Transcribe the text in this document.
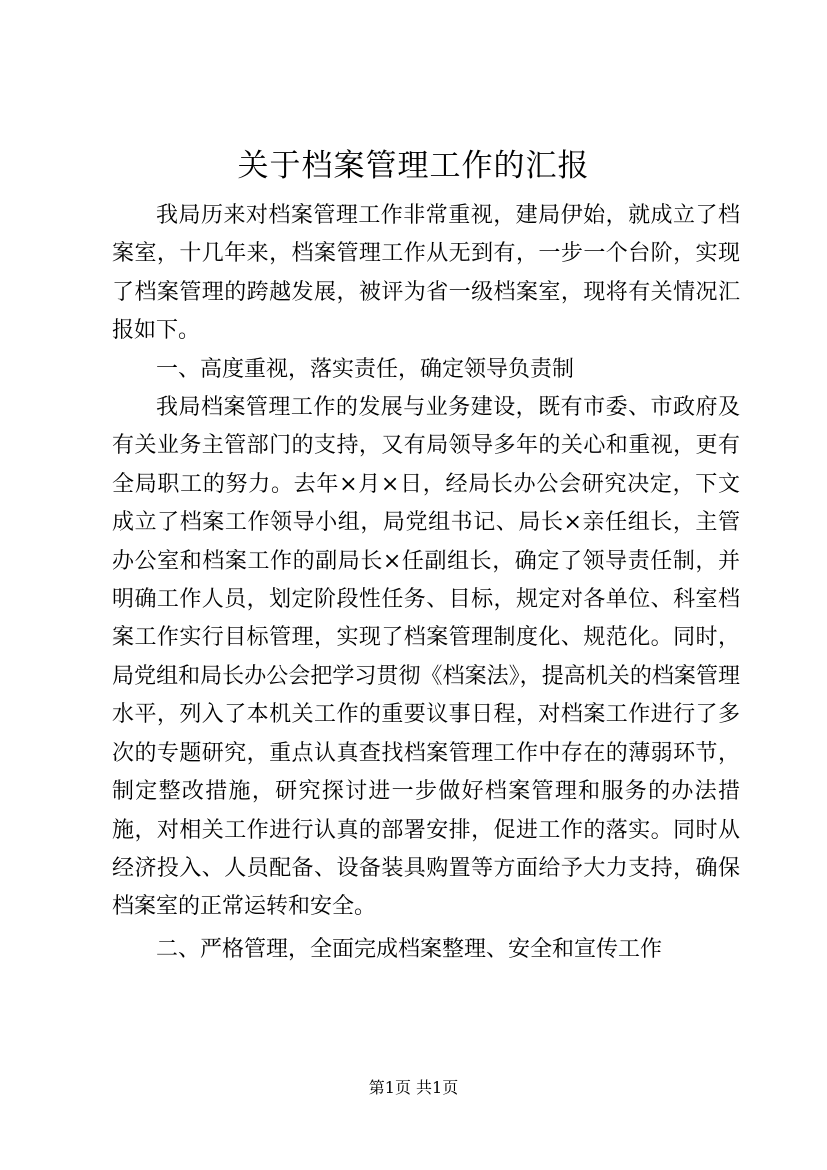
关于档案管理工作的汇报

我局历来对档案管理工作非常重视，建局伊始，就成立了档案室，十几年来，档案管理工作从无到有，一步一个台阶，实现了档案管理的跨越发展，被评为省一级档案室，现将有关情况汇报如下。

一、高度重视，落实责任，确定领导负责制

我局档案管理工作的发展与业务建设，既有市委、市政府及有关业务主管部门的支持，又有局领导多年的关心和重视，更有全局职工的努力。去年×月×日，经局长办公会研究决定，下文成立了档案工作领导小组，局党组书记、局长×亲任组长，主管办公室和档案工作的副局长×任副组长，确定了领导责任制，并明确工作人员，划定阶段性任务、目标，规定对各单位、科室档案工作实行目标管理，实现了档案管理制度化、规范化。同时，局党组和局长办公会把学习贯彻《档案法》，提高机关的档案管理水平，列入了本机关工作的重要议事日程，对档案工作进行了多次的专题研究，重点认真查找档案管理工作中存在的薄弱环节，制定整改措施，研究探讨进一步做好档案管理和服务的办法措施，对相关工作进行认真的部署安排，促进工作的落实。同时从经济投入、人员配备、设备装具购置等方面给予大力支持，确保档案室的正常运转和安全。

二、严格管理，全面完成档案整理、安全和宣传工作

第1页 共1页
